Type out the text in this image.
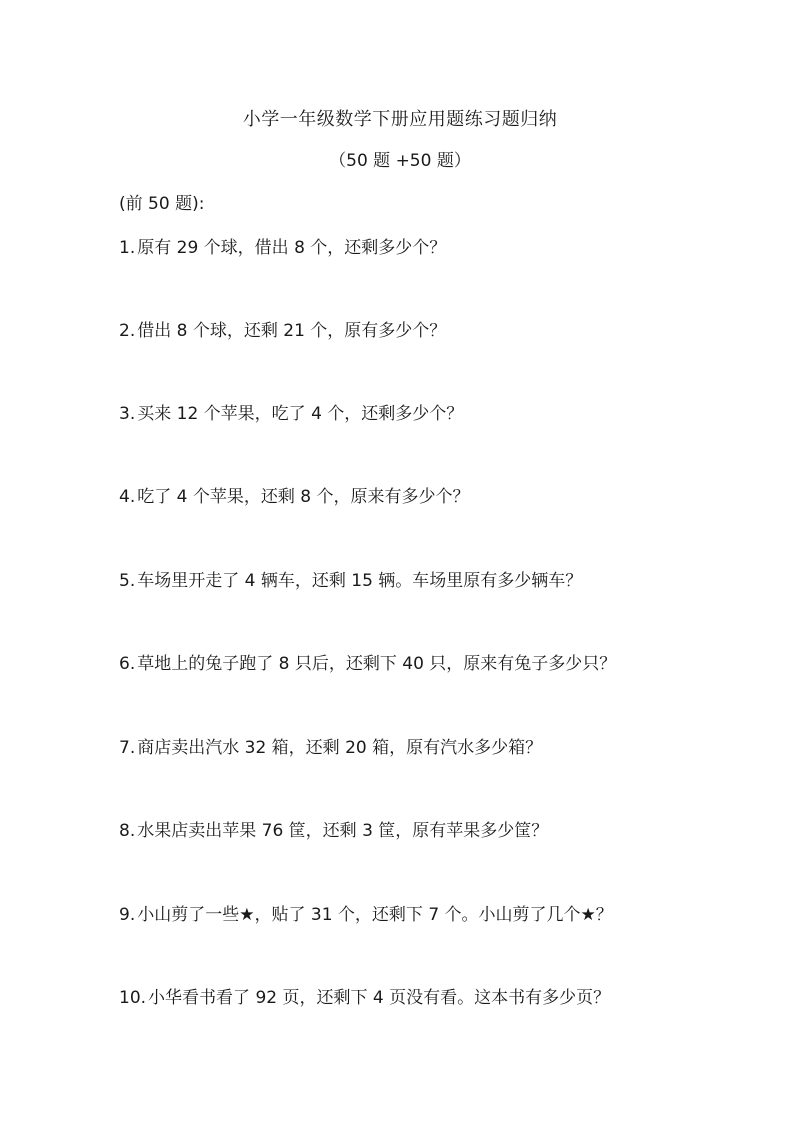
小学一年级数学下册应用题练习题归纳
（50 题 +50 题）
(前 50 题):
1. 原有 29 个球，借出 8 个，还剩多少个？
2. 借出 8 个球，还剩 21 个，原有多少个？
3. 买来 12 个苹果，吃了 4 个，还剩多少个？
4. 吃了 4 个苹果，还剩 8 个，原来有多少个？
5. 车场里开走了 4 辆车，还剩 15 辆。车场里原有多少辆车？
6. 草地上的兔子跑了 8 只后，还剩下 40 只，原来有兔子多少只？
7. 商店卖出汽水 32 箱，还剩 20 箱，原有汽水多少箱？
8. 水果店卖出苹果 76 筐，还剩 3 筐，原有苹果多少筐？
9. 小山剪了一些★，贴了 31 个，还剩下 7 个。小山剪了几个★？
10. 小华看书看了 92 页，还剩下 4 页没有看。这本书有多少页？
